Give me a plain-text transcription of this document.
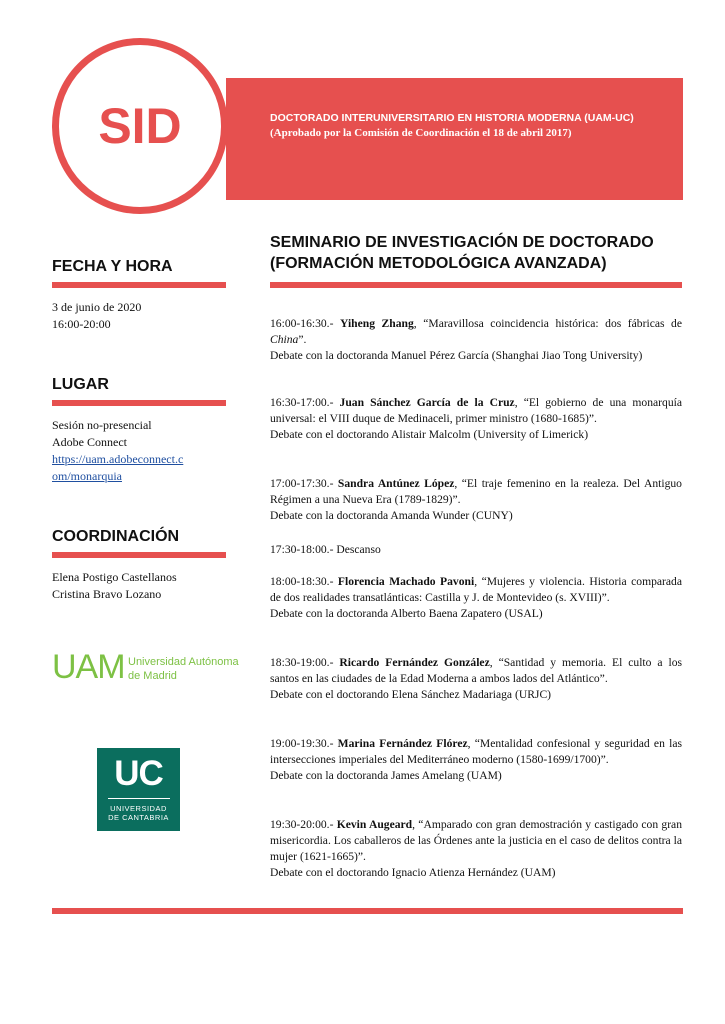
SID	DOCTORADO INTERUNIVERSITARIO EN HISTORIA MODERNA (UAM-UC)
(Aprobado por la Comisión de Coordinación el 18 de abril 2017)
SEMINARIO DE INVESTIGACIÓN DE DOCTORADO
(FORMACIÓN METODOLÓGICA AVANZADA)
FECHA Y HORA
3 de junio de 2020
16:00-20:00
LUGAR
Sesión no-presencial
Adobe Connect
https://uam.adobeconnect.c
om/monarquia
COORDINACIÓN
Elena Postigo Castellanos
Cristina Bravo Lozano
UAM Universidad Autónoma
de Madrid
UC
UNIVERSIDAD
DE CANTABRIA
16:00-16:30.- Yiheng Zhang, “Maravillosa coincidencia histórica: dos fábricas de China”.
Debate con la doctoranda Manuel Pérez García (Shanghai Jiao Tong University)
16:30-17:00.- Juan Sánchez García de la Cruz, “El gobierno de una monarquía universal: el VIII duque de Medinaceli, primer ministro (1680-1685)”.
Debate con el doctorando Alistair Malcolm (University of Limerick)
17:00-17:30.- Sandra Antúnez López, “El traje femenino en la realeza. Del Antiguo Régimen a una Nueva Era (1789-1829)”.
Debate con la doctoranda Amanda Wunder (CUNY)
17:30-18:00.- Descanso
18:00-18:30.- Florencia Machado Pavoni, “Mujeres y violencia. Historia comparada de dos realidades transatlánticas: Castilla y J. de Montevideo (s. XVIII)”.
Debate con la doctoranda Alberto Baena Zapatero (USAL)
18:30-19:00.- Ricardo Fernández González, “Santidad y memoria. El culto a los santos en las ciudades de la Edad Moderna a ambos lados del Atlántico”.
Debate con el doctorando Elena Sánchez Madariaga (URJC)
19:00-19:30.- Marina Fernández Flórez, “Mentalidad confesional y seguridad en las intersecciones imperiales del Mediterráneo moderno (1580-1699/1700)”.
Debate con la doctoranda James Amelang (UAM)
19:30-20:00.- Kevin Augeard, “Amparado con gran demostración y castigado con gran misericordia. Los caballeros de las Órdenes ante la justicia en el caso de delitos contra la mujer (1621-1665)”.
Debate con el doctorando Ignacio Atienza Hernández (UAM)
